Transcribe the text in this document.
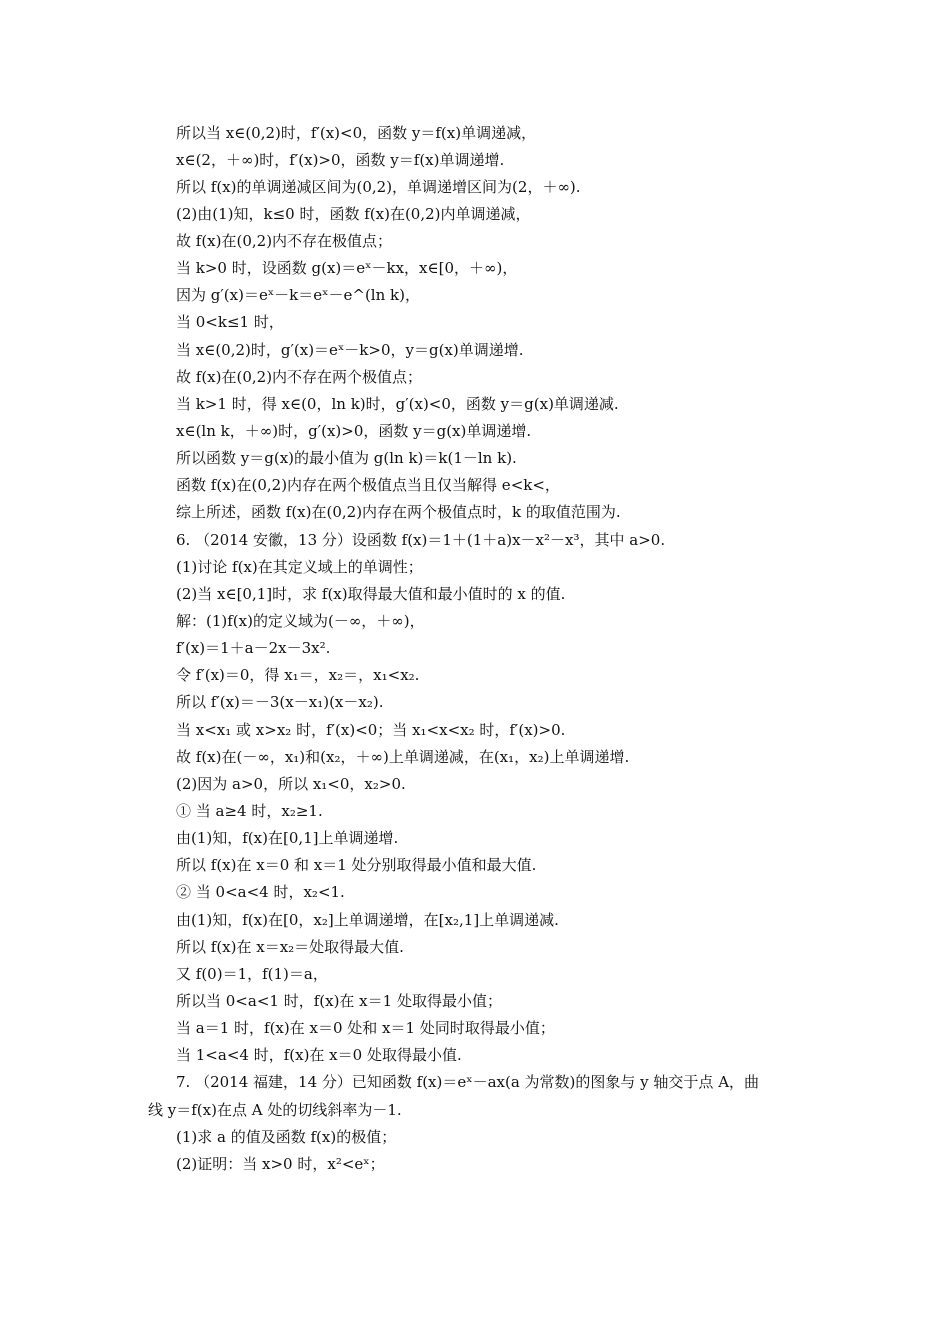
所以当 x∈(0,2)时，f′(x)<0，函数 y＝f(x)单调递减，
x∈(2，＋∞)时，f′(x)>0，函数 y＝f(x)单调递增.
所以 f(x)的单调递减区间为(0,2)，单调递增区间为(2，＋∞).
(2)由(1)知，k≤0 时，函数 f(x)在(0,2)内单调递减，
故 f(x)在(0,2)内不存在极值点；
当 k>0 时，设函数 g(x)＝eˣ－kx，x∈[0，＋∞)，
因为 g′(x)＝eˣ－k＝eˣ－e^(ln k)，
当 0<k≤1 时，
当 x∈(0,2)时，g′(x)＝eˣ－k>0，y＝g(x)单调递增.
故 f(x)在(0,2)内不存在两个极值点；
当 k>1 时，得 x∈(0，ln k)时，g′(x)<0，函数 y＝g(x)单调递减.
x∈(ln k，＋∞)时，g′(x)>0，函数 y＝g(x)单调递增.
所以函数 y＝g(x)的最小值为 g(ln k)＝k(1－ln k).
函数 f(x)在(0,2)内存在两个极值点当且仅当解得 e<k<，
综上所述，函数 f(x)在(0,2)内存在两个极值点时，k 的取值范围为.
6. （2014 安徽，13 分）设函数 f(x)＝1＋(1＋a)x－x²－x³，其中 a>0.
(1)讨论 f(x)在其定义域上的单调性；
(2)当 x∈[0,1]时，求 f(x)取得最大值和最小值时的 x 的值.
解：(1)f(x)的定义域为(－∞，＋∞)，
f′(x)＝1＋a－2x－3x².
令 f′(x)＝0，得 x₁＝，x₂＝，x₁<x₂.
所以 f′(x)＝－3(x－x₁)(x－x₂).
当 x<x₁ 或 x>x₂ 时，f′(x)<0；当 x₁<x<x₂ 时，f′(x)>0.
故 f(x)在(－∞，x₁)和(x₂，＋∞)上单调递减，在(x₁，x₂)上单调递增.
(2)因为 a>0，所以 x₁<0，x₂>0.
① 当 a≥4 时，x₂≥1.
由(1)知，f(x)在[0,1]上单调递增.
所以 f(x)在 x＝0 和 x＝1 处分别取得最小值和最大值.
② 当 0<a<4 时，x₂<1.
由(1)知，f(x)在[0，x₂]上单调递增，在[x₂,1]上单调递减.
所以 f(x)在 x＝x₂＝处取得最大值.
又 f(0)＝1，f(1)＝a，
所以当 0<a<1 时，f(x)在 x＝1 处取得最小值；
当 a＝1 时，f(x)在 x＝0 处和 x＝1 处同时取得最小值；
当 1<a<4 时，f(x)在 x＝0 处取得最小值.
7. （2014 福建，14 分）已知函数 f(x)＝eˣ－ax(a 为常数)的图象与 y 轴交于点 A，曲
线 y＝f(x)在点 A 处的切线斜率为－1.
(1)求 a 的值及函数 f(x)的极值；
(2)证明：当 x>0 时，x²<eˣ；
